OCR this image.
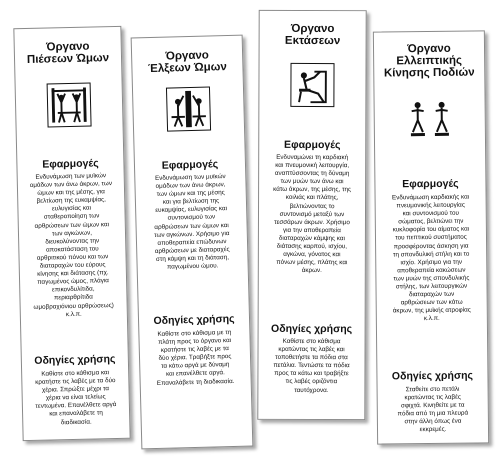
Όργανο
Πιέσεων Ώμων

Εφαρμογές

Ενδυνάμωση των μυϊκών
ομάδων των άνω άκρων, των
ώμων και της μέσης, για
βελτίωση της ευκαμψίας,
ευλυγισίας και
σταθεροποίηση των
αρθρώσεων των ώμων και
των αγκώνων,
διευκολύνοντας την
αποκατάσταση του
αρθριτικού πόνου και των
διαταραχών του εύρους
κίνησης και διάτασης (πχ.
παγωμένος ώμος, πλάγια
επικονδυλίτιδα,
περιαρθρίτιδα
ωμοβραχιόνιου αρθρώσεως)
κ.λ.π.

Οδηγίες χρήσης

Καθίστε στο κάθισμα και
κρατήστε τις λαβές με τα δύο
χέρια. Σπρώξτε μέχρι τα
χέρια να είναι τελείως
τεντωμένα. Επανέλθετε αργά
και επαναλάβετε τη
διαδικασία.

Όργανο
Έλξεων Ώμων

Εφαρμογές

Ενδυνάμωση των μυϊκών
ομάδων των άνω άκρων,
των ώμων και της μέσης
και για βελτίωση της
ευκαμψίας, ευλυγισίας και
συντονισμού των
αρθρώσεων των ώμων και
των αγκώνων. Χρήσιμο για
αποθεραπεία επώδυνων
αρθρώσεων με διαταραχές
στη κάμψη και τη διάταση,
παγωμένου ώμου.

Οδηγίες χρήσης

Καθίστε στο κάθισμα με τη
πλάτη προς το όργανο και
κρατήστε τις λαβές με τα
δύο χέρια. Τραβήξτε προς
τα κάτω αργά με δύναμη
και επανέλθετε αργά.
Επαναλάβετε τη διαδικασία.

Όργανο
Εκτάσεων

Εφαρμογές

Ενδυναμώνει τη καρδιακή
και πνευμονική λειτουργία,
αναπτύσσοντας τη δύναμη
των μυών των άνω και
κάτω άκρων, της μέσης, της
κοιλιάς και πλάτης,
βελτιώνοντας το
συντονισμό μεταξύ των
τεσσάρων άκρων. Χρήσιμο
για την αποθεραπεία
διαταραχών κάμψης και
διάτασης καρπού, ισχίου,
αγκώνα, γόνατος και
πόνων μέσης, πλάτης και
άκρων.

Οδηγίες χρήσης

Καθίστε στο κάθισμα
κρατώντας τις λαβές και
τοποθετήστε τα πόδια στα
πετάλια. Τεντώστε τα πόδια
προς τα κάτω και τραβήξτε
τις λαβές οριζόντια
ταυτόχρονα.

Όργανο
Ελλειπτικής
Κίνησης Ποδιών

Εφαρμογές

Ενδυνάμωση καρδιακής και
πνευμονικής λειτουργίας
και συντονισμού του
σώματος, βελτιώνει την
κυκλοφορία του αίματος και
του πεπτικού συστήματος
προσφέροντας άσκηση για
τη σπονδυλική στήλη και το
ισχίο. Χρήσιμο για την
αποθεραπεία κακώσεων
των μυών της σπονδυλικής
στήλης, των λειτουργικών
διαταραχών των
αρθρώσεων των κάτω
άκρων, της μυϊκής ατροφίας
κ.λ.π.

Οδηγίες χρήσης

Σταθείτε στο πετάλι
κρατώντας τις λαβές
σφιχτά. Κινηθείτε με τα
πόδια από τη μια πλευρά
στην άλλη όπως ένα
εκκρεμές.
